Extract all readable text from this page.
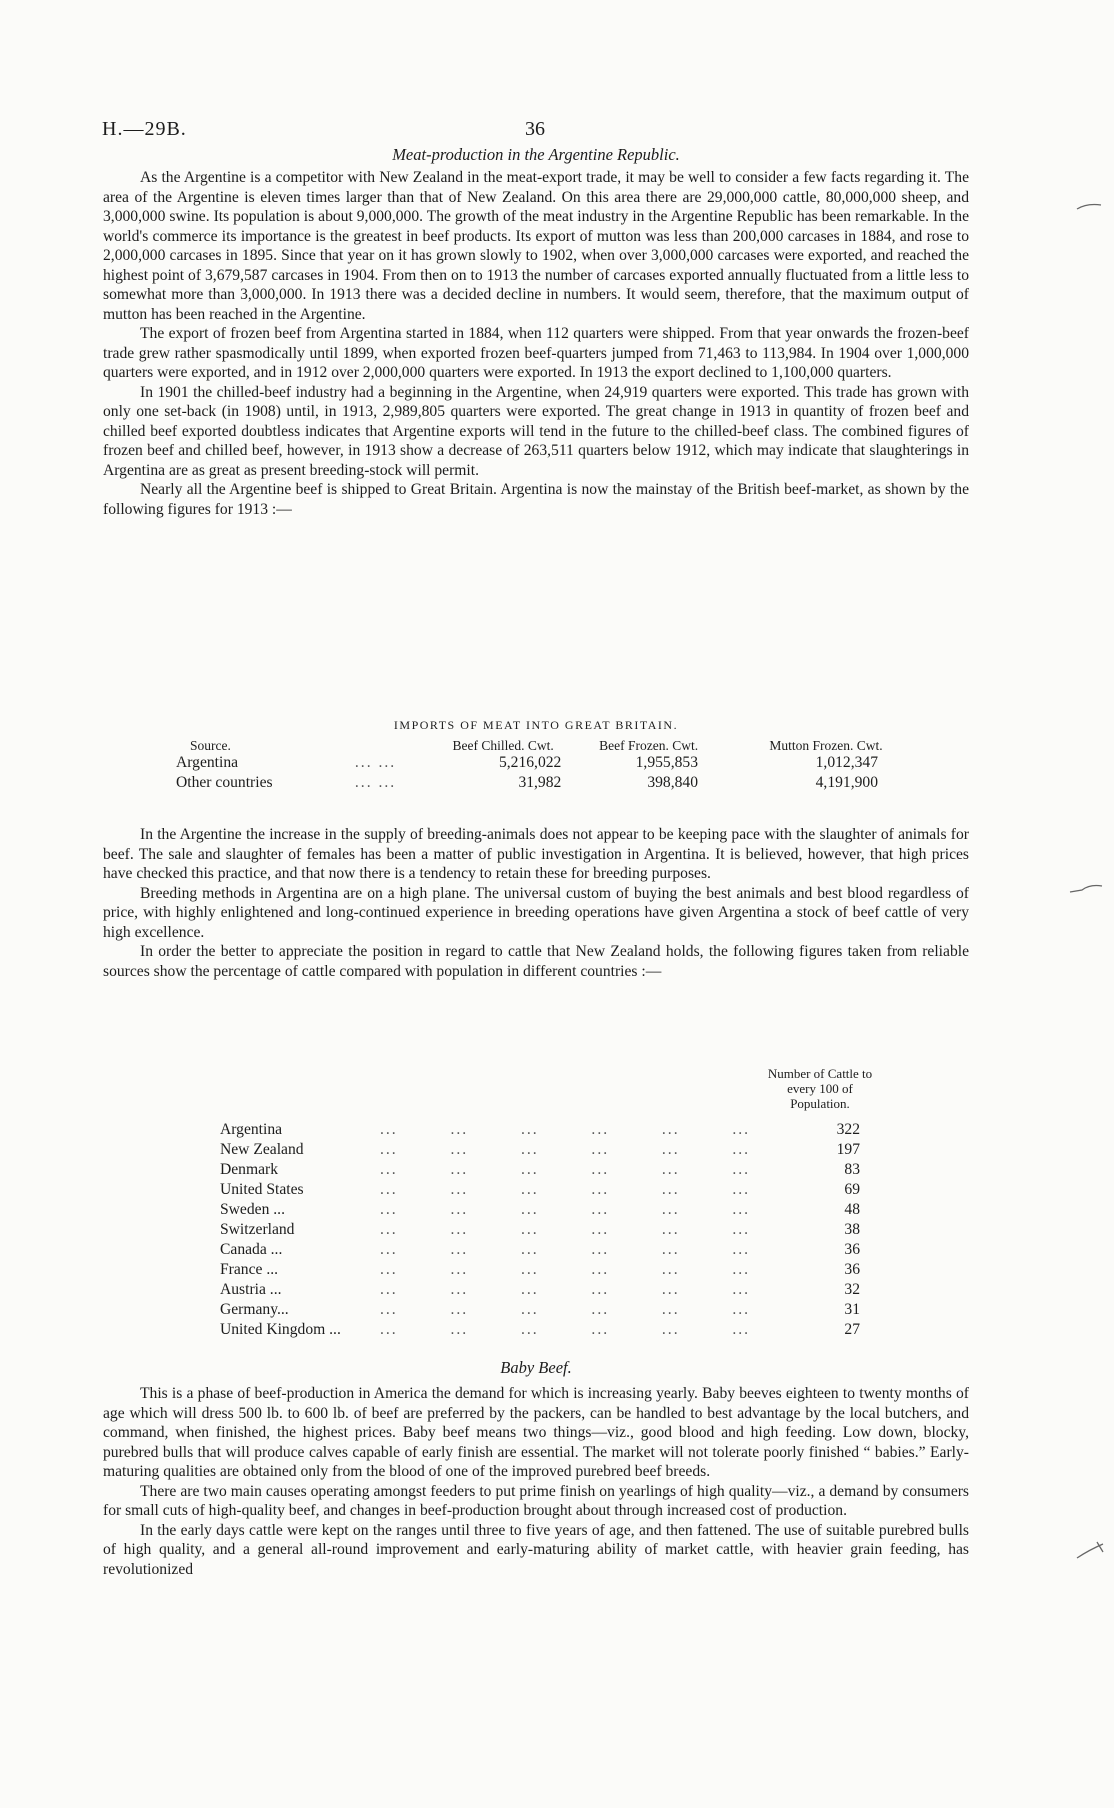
H.—29B.	36
Meat-production in the Argentine Republic.

As the Argentine is a competitor with New Zealand in the meat-export trade, it may be well to consider a few facts regarding it. The area of the Argentine is eleven times larger than that of New Zealand. On this area there are 29,000,000 cattle, 80,000,000 sheep, and 3,000,000 swine. Its population is about 9,000,000. The growth of the meat industry in the Argentine Republic has been remarkable. In the world's commerce its importance is the greatest in beef products. Its export of mutton was less than 200,000 carcases in 1884, and rose to 2,000,000 carcases in 1895. Since that year on it has grown slowly to 1902, when over 3,000,000 carcases were exported, and reached the highest point of 3,679,587 carcases in 1904. From then on to 1913 the number of carcases exported annually fluctuated from a little less to somewhat more than 3,000,000. In 1913 there was a decided decline in numbers. It would seem, therefore, that the maximum output of mutton has been reached in the Argentine.

The export of frozen beef from Argentina started in 1884, when 112 quarters were shipped. From that year onwards the frozen-beef trade grew rather spasmodically until 1899, when exported frozen beef-quarters jumped from 71,463 to 113,984. In 1904 over 1,000,000 quarters were exported, and in 1912 over 2,000,000 quarters were exported. In 1913 the export declined to 1,100,000 quarters.

In 1901 the chilled-beef industry had a beginning in the Argentine, when 24,919 quarters were exported. This trade has grown with only one set-back (in 1908) until, in 1913, 2,989,805 quarters were exported. The great change in 1913 in quantity of frozen beef and chilled beef exported doubtless indicates that Argentine exports will tend in the future to the chilled-beef class. The combined figures of frozen beef and chilled beef, however, in 1913 show a decrease of 263,511 quarters below 1912, which may indicate that slaughterings in Argentina are as great as present breeding-stock will permit.

Nearly all the Argentine beef is shipped to Great Britain. Argentina is now the mainstay of the British beef-market, as shown by the following figures for 1913 :—

IMPORTS OF MEAT INTO GREAT BRITAIN.
Source.		Beef Chilled. Cwt.	Beef Frozen. Cwt.	Mutton Frozen. Cwt.
Argentina	... ...	5,216,022	1,955,853	1,012,347
Other countries	... ...	31,982	398,840	4,191,900

In the Argentine the increase in the supply of breeding-animals does not appear to be keeping pace with the slaughter of animals for beef. The sale and slaughter of females has been a matter of public investigation in Argentina. It is believed, however, that high prices have checked this practice, and that now there is a tendency to retain these for breeding purposes.

Breeding methods in Argentina are on a high plane. The universal custom of buying the best animals and best blood regardless of price, with highly enlightened and long-continued experience in breeding operations have given Argentina a stock of beef cattle of very high excellence.

In order the better to appreciate the position in regard to cattle that New Zealand holds, the following figures taken from reliable sources show the percentage of cattle compared with population in different countries :—

Number of Cattle to every 100 of Population.
Argentina	...   ...   ...   ...   ...   ...	322
New Zealand	...   ...   ...   ...   ...   ...	197
Denmark	...   ...   ...   ...   ...   ...	83
United States	...   ...   ...   ...   ...   ...	69
Sweden ...	...   ...   ...   ...   ...   ...	48
Switzerland	...   ...   ...   ...   ...   ...	38
Canada ...	...   ...   ...   ...   ...   ...	36
France ...	...   ...   ...   ...   ...   ...	36
Austria ...	...   ...   ...   ...   ...   ...	32
Germany...	...   ...   ...   ...   ...   ...	31
United Kingdom ...	...   ...   ...   ...   ...   ...	27
Baby Beef.

This is a phase of beef-production in America the demand for which is increasing yearly. Baby beeves eighteen to twenty months of age which will dress 500 lb. to 600 lb. of beef are preferred by the packers, can be handled to best advantage by the local butchers, and command, when finished, the highest prices. Baby beef means two things—viz., good blood and high feeding. Low down, blocky, purebred bulls that will produce calves capable of early finish are essential. The market will not tolerate poorly finished “ babies.” Early-maturing qualities are obtained only from the blood of one of the improved purebred beef breeds.

There are two main causes operating amongst feeders to put prime finish on yearlings of high quality—viz., a demand by consumers for small cuts of high-quality beef, and changes in beef-production brought about through increased cost of production.

In the early days cattle were kept on the ranges until three to five years of age, and then fattened. The use of suitable purebred bulls of high quality, and a general all-round improvement and early-maturing ability of market cattle, with heavier grain feeding, has revolutionized
